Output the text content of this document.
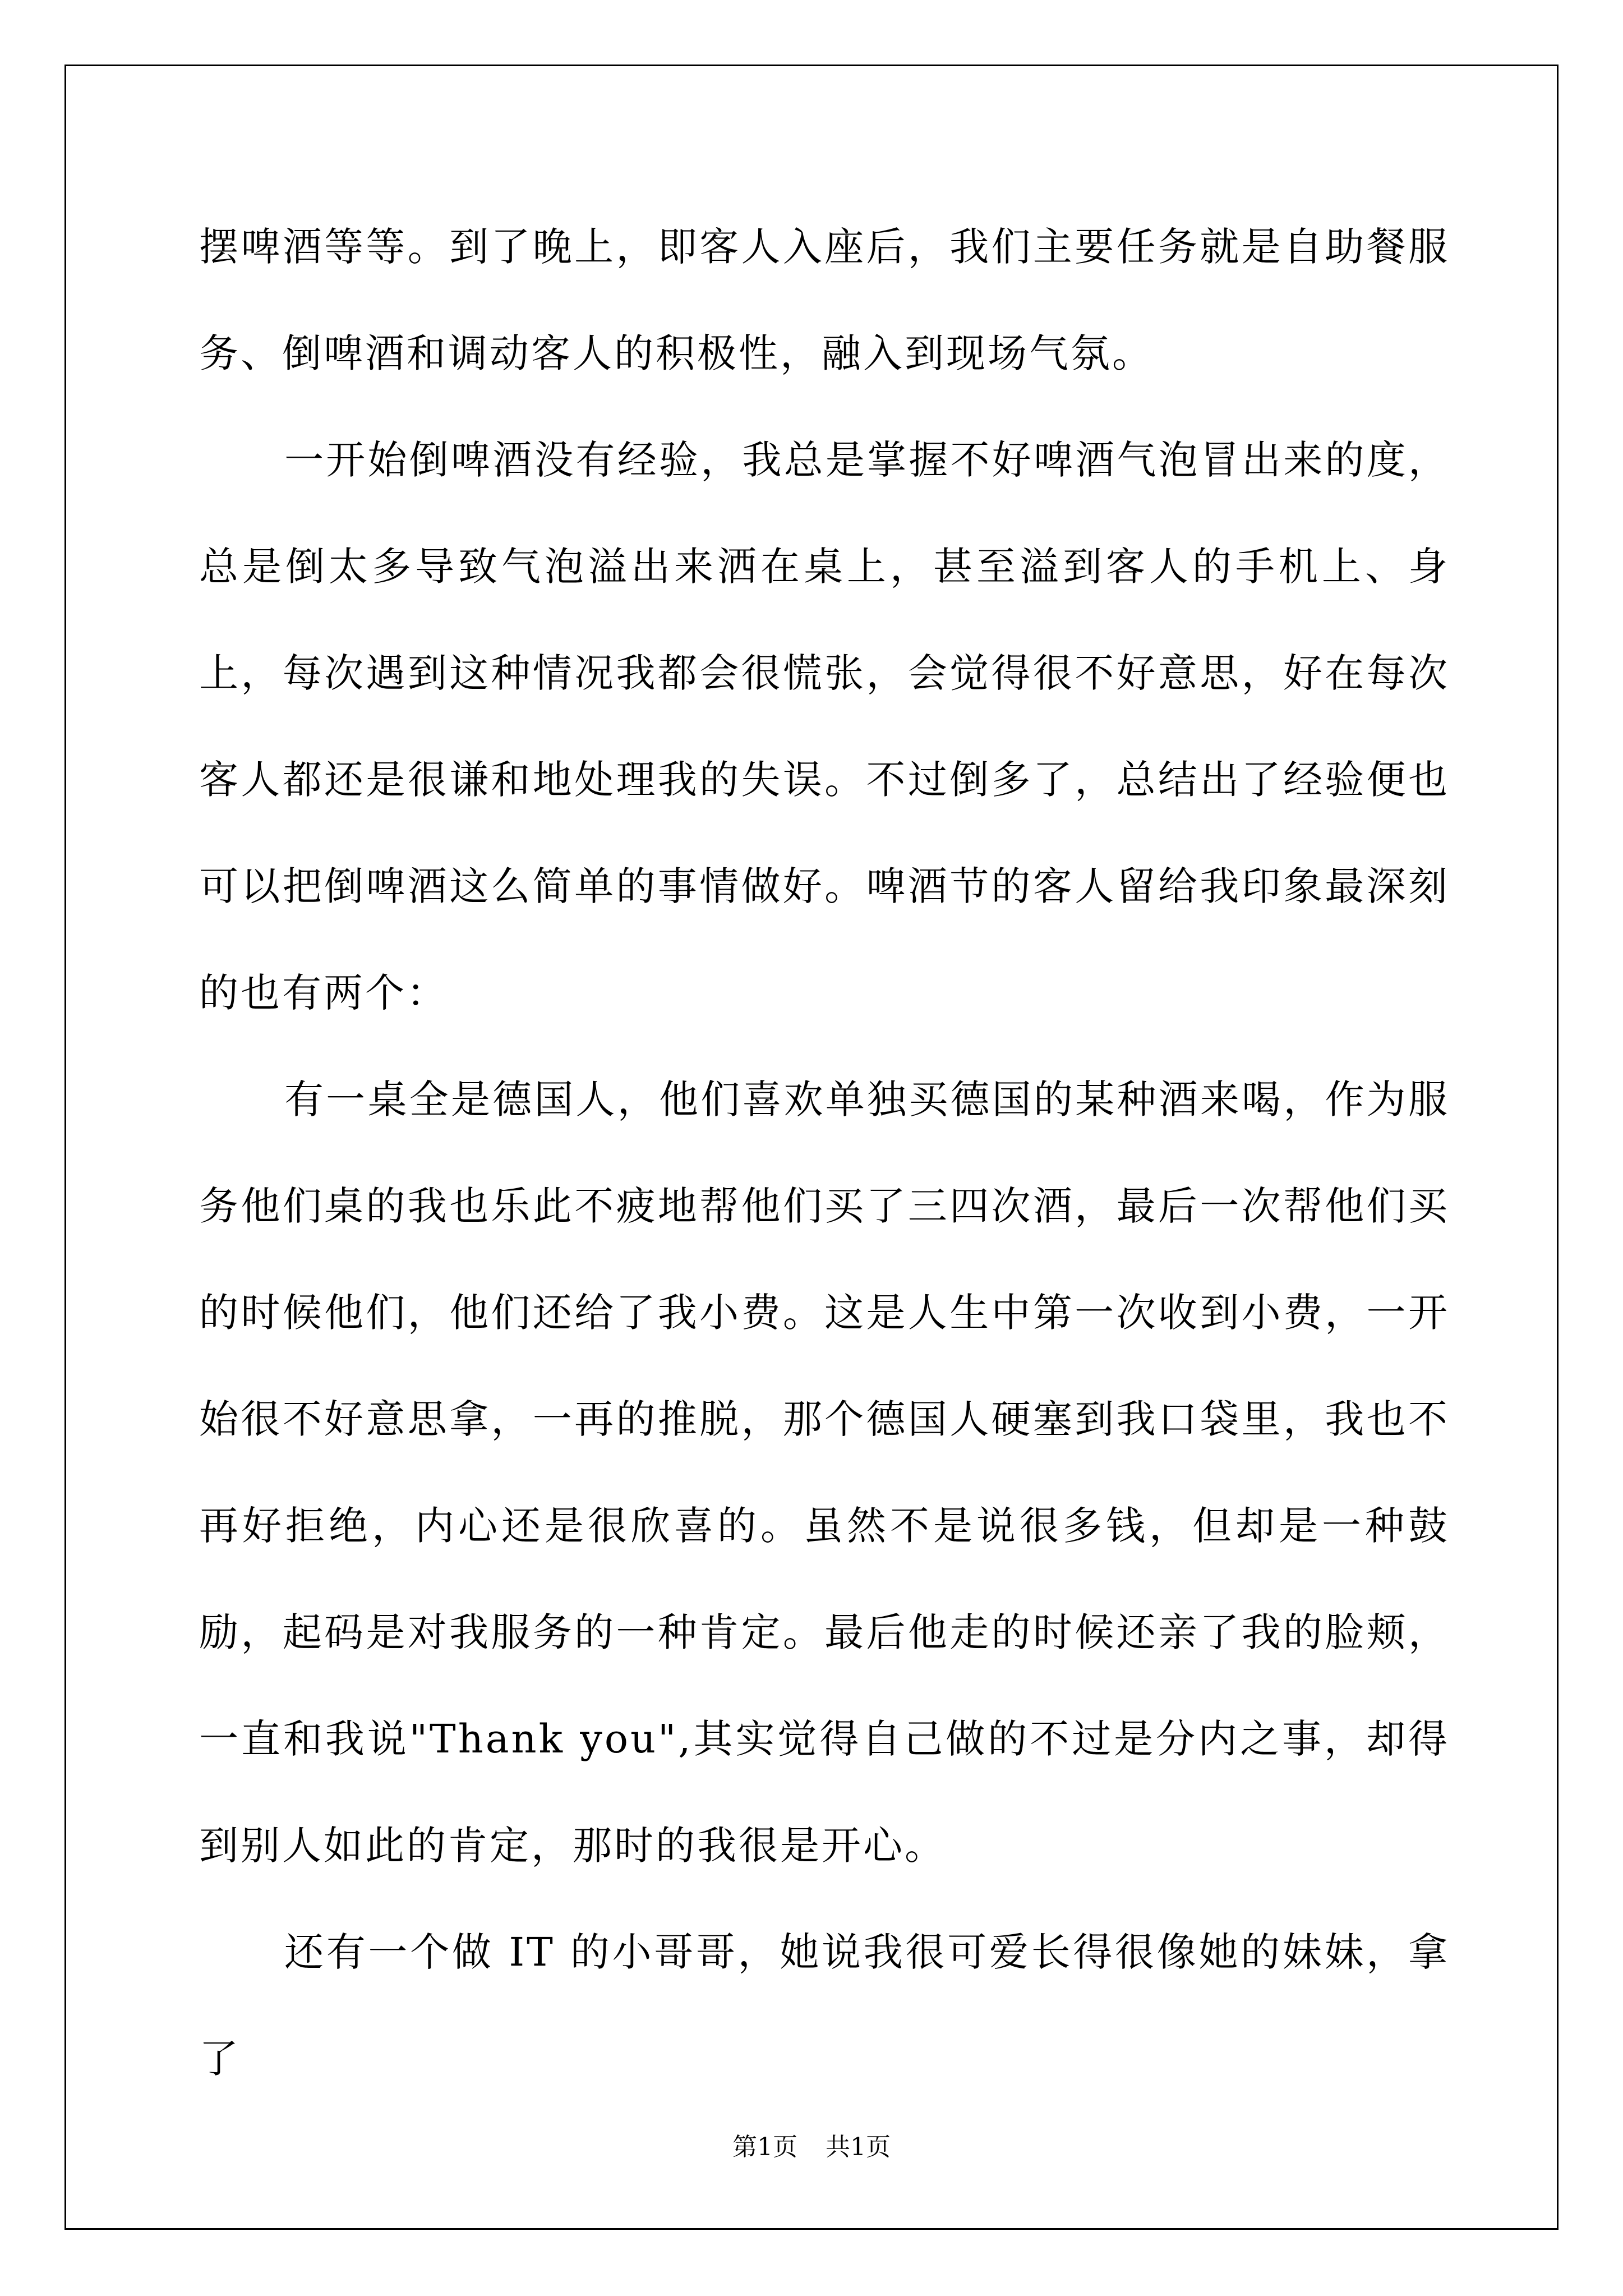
摆啤酒等等。到了晚上，即客人入座后，我们主要任务就是自助餐服务、倒啤酒和调动客人的积极性，融入到现场气氛。

一开始倒啤酒没有经验，我总是掌握不好啤酒气泡冒出来的度，总是倒太多导致气泡溢出来洒在桌上，甚至溢到客人的手机上、身上，每次遇到这种情况我都会很慌张，会觉得很不好意思，好在每次客人都还是很谦和地处理我的失误。不过倒多了，总结出了经验便也可以把倒啤酒这么简单的事情做好。啤酒节的客人留给我印象最深刻的也有两个：

有一桌全是德国人，他们喜欢单独买德国的某种酒来喝，作为服务他们桌的我也乐此不疲地帮他们买了三四次酒，最后一次帮他们买的时候他们，他们还给了我小费。这是人生中第一次收到小费，一开始很不好意思拿，一再的推脱，那个德国人硬塞到我口袋里，我也不再好拒绝，内心还是很欣喜的。虽然不是说很多钱，但却是一种鼓励，起码是对我服务的一种肯定。最后他走的时候还亲了我的脸颊，一直和我说"Thank you",其实觉得自己做的不过是分内之事，却得到别人如此的肯定，那时的我很是开心。

还有一个做 IT 的小哥哥，她说我很可爱长得很像她的妹妹，拿了

第1页 共1页
